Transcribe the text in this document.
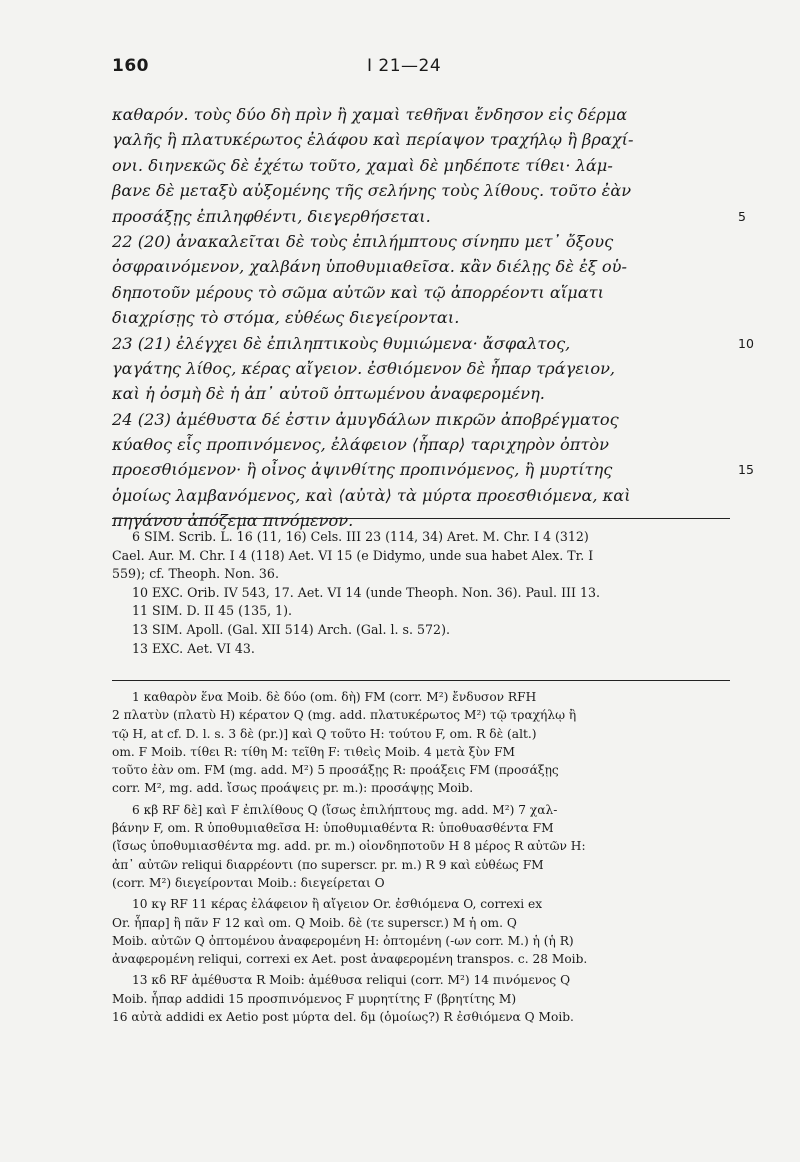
160	I 21—24
καθαρόν. τοὺς δύο δὴ πρὶν ἢ χαμαὶ τεθῆναι ἔνδησον εἰς δέρμα
γαλῆς ἢ πλατυκέρωτος ἐλάφου καὶ περίαψον τραχήλῳ ἢ βραχί-
ονι. διηνεκῶς δὲ ἐχέτω τοῦτο, χαμαὶ δὲ μηδέποτε τίθει· λάμ-
βανε δὲ μεταξὺ αὐξομένης τῆς σελήνης τοὺς λίθους. τοῦτο ἐὰν
προσάξῃς ἐπιληφθέντι, διεγερθήσεται.	5
22 (20) ἀνακαλεῖται δὲ τοὺς ἐπιλήμπτους σίνηπυ μετ᾽ ὄξους
ὀσφραινόμενον, χαλβάνη ὑποθυμιαθεῖσα. κἂν διέλῃς δὲ ἐξ οὑ-
δηποτοῦν μέρους τὸ σῶμα αὐτῶν καὶ τῷ ἀπορρέοντι αἵματι
διαχρίσῃς τὸ στόμα, εὐθέως διεγείρονται.
23 (21) ἐλέγχει δὲ ἐπιληπτικοὺς θυμιώμενα· ἄσφαλτος,	10
γαγάτης λίθος, κέρας αἴγειον. ἐσθιόμενον δὲ ἧπαρ τράγειον,
καὶ ἡ ὀσμὴ δὲ ἡ ἀπ᾽ αὐτοῦ ὀπτωμένου ἀναφερομένη.
24 (23) ἀμέθυστα δέ ἐστιν ἀμυγδάλων πικρῶν ἀποβρέγματος
κύαθος εἷς προπινόμενος, ἐλάφειον ⟨ἧπαρ⟩ ταριχηρὸν ὀπτὸν
προεσθιόμενον· ἢ οἶνος ἀψινθίτης προπινόμενος, ἢ μυρτίτης	15
ὁμοίως λαμβανόμενος, καὶ ⟨αὐτὰ⟩ τὰ μύρτα προεσθιόμενα, καὶ
πηγάνου ἀπόζεμα πινόμενον.
6 SIM. Scrib. L. 16 (11, 16) Cels. III 23 (114, 34) Aret. M. Chr. I 4 (312)
Cael. Aur. M. Chr. I 4 (118) Aet. VI 15 (e Didymo, unde sua habet Alex. Tr. I
559); cf. Theoph. Non. 36.
10 EXC. Orib. IV 543, 17. Aet. VI 14 (unde Theoph. Non. 36). Paul. III 13.
11 SIM. D. II 45 (135, 1).
13 SIM. Apoll. (Gal. XII 514) Arch. (Gal. l. s. 572).
13 EXC. Aet. VI 43.
1 καθαρὸν ἕνα Moib. δὲ δύο (om. δὴ) FM (corr. M²) ἔνδυσον RFH
2 πλατὺν (πλατὺ H) κέρατον Q (mg. add. πλατυκέρωτος M²) τῷ τραχήλῳ ἢ
τῷ H, at cf. D. l. s. 3 δὲ (pr.)] καὶ Q τοῦτο H: τούτου F, om. R δὲ (alt.)
om. F Moib. τίθει R: τίθη M: τεῖθη F: τιθεὶς Moib. 4 μετὰ ξὺν FM
τοῦτο ἐὰν om. FM (mg. add. M²) 5 προσάξῃς R: προάξεις FM (προσάξῃς
corr. M², mg. add. ἴσως προάψεις pr. m.): προσάψῃς Moib.
6 κβ RF δὲ] καὶ F ἐπιλίθους Q (ἴσως ἐπιλήπτους mg. add. M²) 7 χαλ-
βάνην F, om. R ὑποθυμιαθεῖσα H: ὑποθυμιαθέντα R: ὑποθυασθέντα FM
(ἴσως ὑποθυμιασθέντα mg. add. pr. m.) οἱονδηποτοῦν H 8 μέρος R αὐτῶν H:
ἀπ᾽ αὐτῶν reliqui διαρρέοντι (πο superscr. pr. m.) R 9 καὶ εὐθέως FM
(corr. M²) διεγείρονται Moib.: διεγείρεται O
10 κγ RF 11 κέρας ἐλάφειον ἢ αἴγειον Or. ἐσθιόμενα O, correxi ex
Or. ἧπαρ] ἢ πᾶν F 12 καὶ om. Q Moib. δὲ (τε superscr.) M ἡ om. Q
Moib. αὐτῶν Q ὀπτομένου ἀναφερομένη H: ὀπτομένη (-ων corr. M.) ἡ (ἡ R)
ἀναφερομένη reliqui, correxi ex Aet. post ἀναφερομένη transpos. c. 28 Moib.
13 κδ RF ἀμέθυστα R Moib: ἀμέθυσα reliqui (corr. M²) 14 πινόμενος Q
Moib. ἧπαρ addidi 15 προσπινόμενος F μυρητίτης F (βρητίτης M)
16 αὐτὰ addidi ex Aetio post μύρτα del. δμ (ὁμοίως?) R ἐσθιόμενα Q Moib.
